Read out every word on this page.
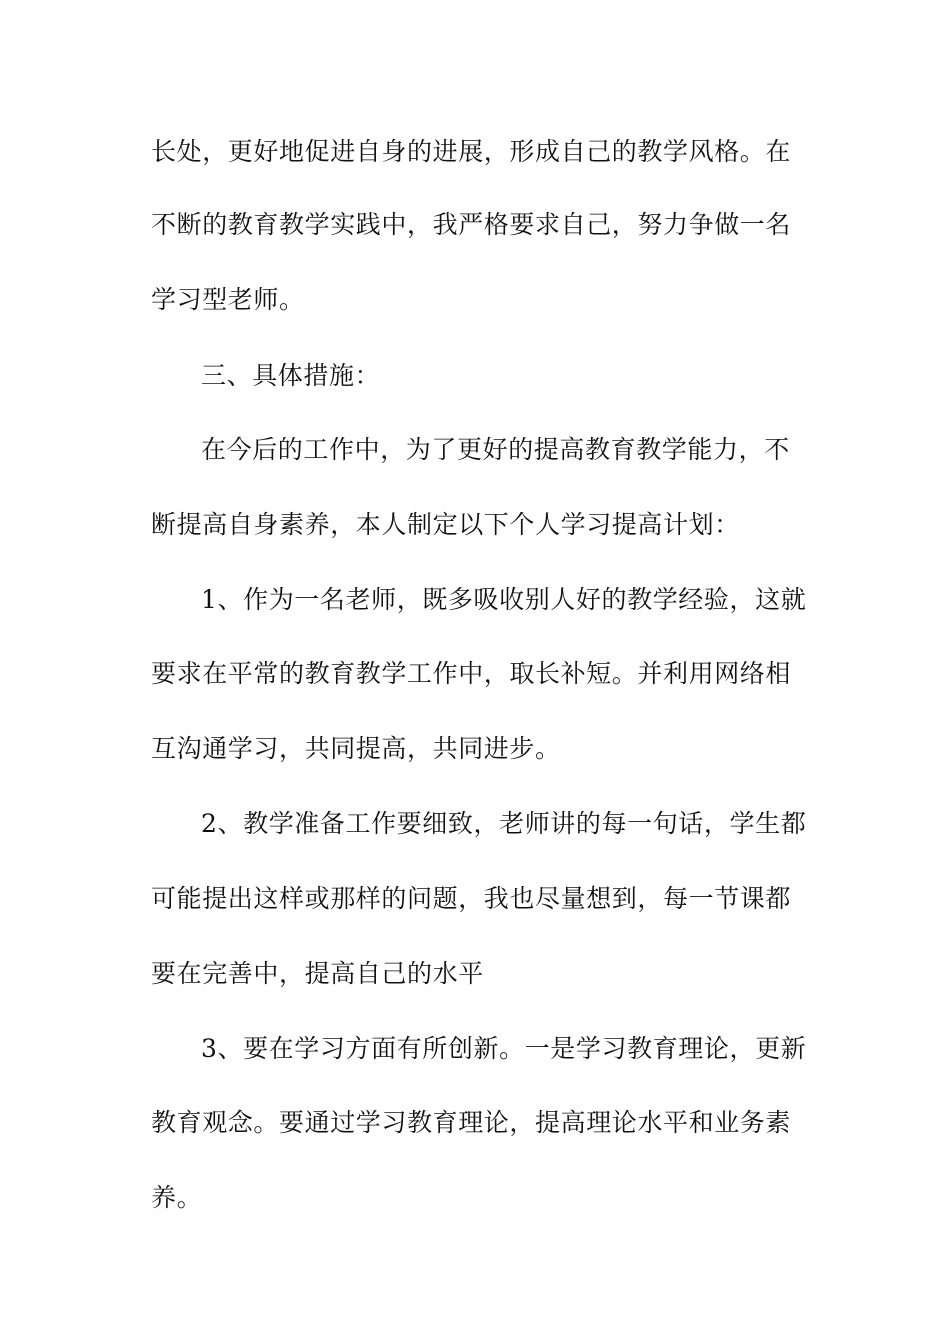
长处，更好地促进自身的进展，形成自己的教学风格。在
不断的教育教学实践中，我严格要求自己，努力争做一名
学习型老师。
三、具体措施：
在今后的工作中，为了更好的提高教育教学能力，不
断提高自身素养，本人制定以下个人学习提高计划：
1、作为一名老师，既多吸收别人好的教学经验，这就
要求在平常的教育教学工作中，取长补短。并利用网络相
互沟通学习，共同提高，共同进步。
2、教学准备工作要细致，老师讲的每一句话，学生都
可能提出这样或那样的问题，我也尽量想到，每一节课都
要在完善中，提高自己的水平
3、要在学习方面有所创新。一是学习教育理论，更新
教育观念。要通过学习教育理论，提高理论水平和业务素
养。
